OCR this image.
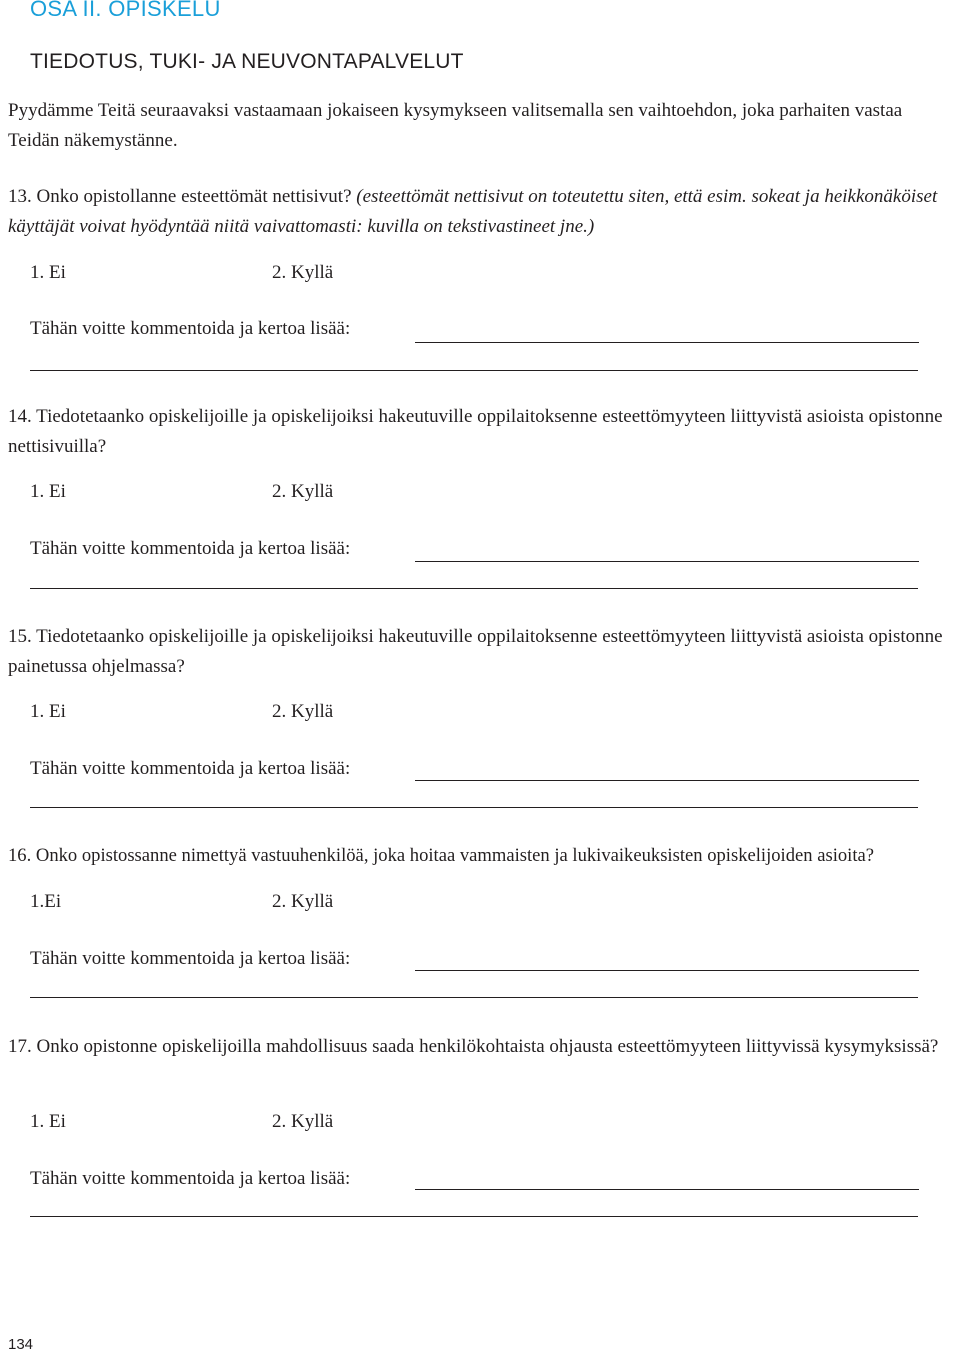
OSA II. OPISKELU
TIEDOTUS, TUKI- JA NEUVONTAPALVELUT
Pyydämme Teitä seuraavaksi vastaamaan jokaiseen kysymykseen valitsemalla sen vaihtoehdon, joka parhaiten vastaa Teidän näkemystänne.
13. Onko opistollanne esteettömät nettisivut? (esteettömät nettisivut on toteutettu siten, että esim. sokeat ja heikkonäköiset käyttäjät voivat hyödyntää niitä vaivattomasti: kuvilla on tekstivastineet jne.)
1. Ei	2. Kyllä
Tähän voitte kommentoida ja kertoa lisää:
14. Tiedotetaanko opiskelijoille ja opiskelijoiksi hakeutuville oppilaitoksenne esteettömyyteen liittyvistä asioista opistonne nettisivuilla?
1. Ei	2. Kyllä
Tähän voitte kommentoida ja kertoa lisää:
15. Tiedotetaanko opiskelijoille ja opiskelijoiksi hakeutuville oppilaitoksenne esteettömyyteen liittyvistä asioista opistonne painetussa ohjelmassa?
1. Ei	2. Kyllä
Tähän voitte kommentoida ja kertoa lisää:
16. Onko opistossanne nimettyä vastuuhenkilöä, joka hoitaa vammaisten ja lukivaikeuksisten opiskelijoiden asioita?
1.Ei	2. Kyllä
Tähän voitte kommentoida ja kertoa lisää:
17. Onko opistonne opiskelijoilla mahdollisuus saada henkilökohtaista ohjausta esteettömyyteen liittyvissä kysymyksissä?
1. Ei	2. Kyllä
Tähän voitte kommentoida ja kertoa lisää:
134
